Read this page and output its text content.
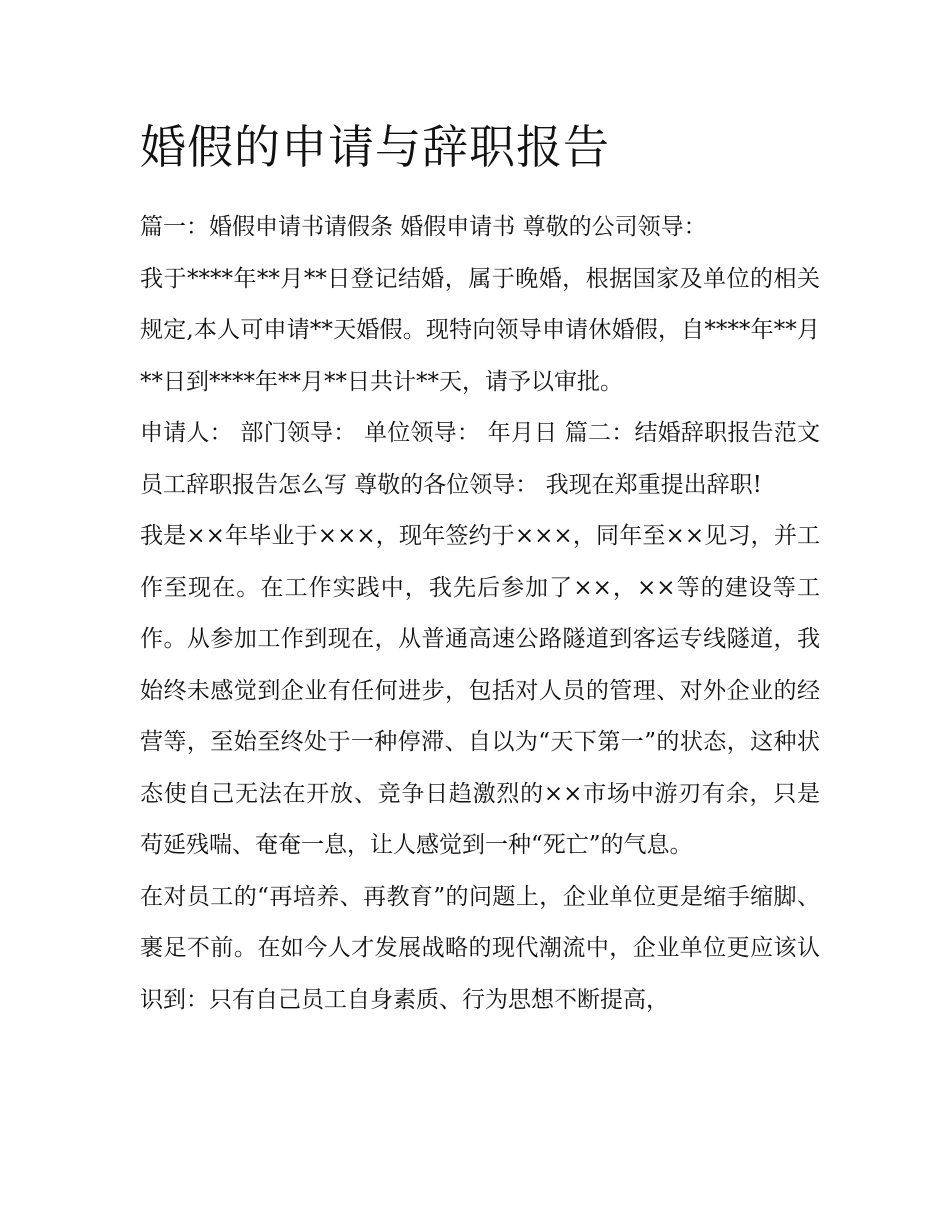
婚假的申请与辞职报告

篇一：婚假申请书请假条 婚假申请书 尊敬的公司领导：

我于****年**月**日登记结婚，属于晚婚，根据国家及单位的相关规定,本人可申请**天婚假。现特向领导申请休婚假，自****年**月**日到****年**月**日共计**天，请予以审批。

申请人： 部门领导： 单位领导： 年月日 篇二：结婚辞职报告范文 员工辞职报告怎么写 尊敬的各位领导： 我现在郑重提出辞职!

我是××年毕业于×××，现年签约于×××，同年至××见习，并工作至现在。在工作实践中，我先后参加了××，××等的建设等工作。从参加工作到现在，从普通高速公路隧道到客运专线隧道，我始终未感觉到企业有任何进步，包括对人员的管理、对外企业的经营等，至始至终处于一种停滞、自以为“天下第一”的状态，这种状态使自己无法在开放、竞争日趋激烈的××市场中游刃有余，只是苟延残喘、奄奄一息，让人感觉到一种“死亡”的气息。

在对员工的“再培养、再教育”的问题上，企业单位更是缩手缩脚、裹足不前。在如今人才发展战略的现代潮流中，企业单位更应该认识到：只有自己员工自身素质、行为思想不断提高，
